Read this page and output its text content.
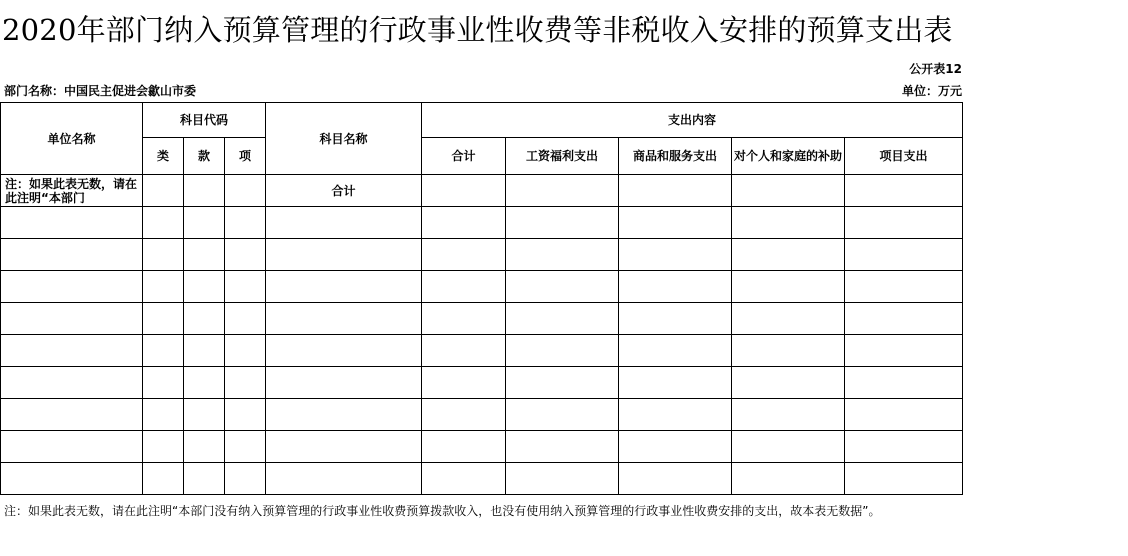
2020年部门纳入预算管理的行政事业性收费等非税收入安排的预算支出表
公开表12
部门名称：中国民主促进会歙山市委	单位：万元
单位名称	科目代码			科目名称	支出内容				
	类	款	项		合计	工资福利支出	商品和服务支出	对个人和家庭的补助	项目支出
注：如果此表无数，请在此注明“本部门				合计					

注：如果此表无数，请在此注明“本部门没有纳入预算管理的行政事业性收费预算拨款收入，也没有使用纳入预算管理的行政事业性收费安排的支出，故本表无数据”。
